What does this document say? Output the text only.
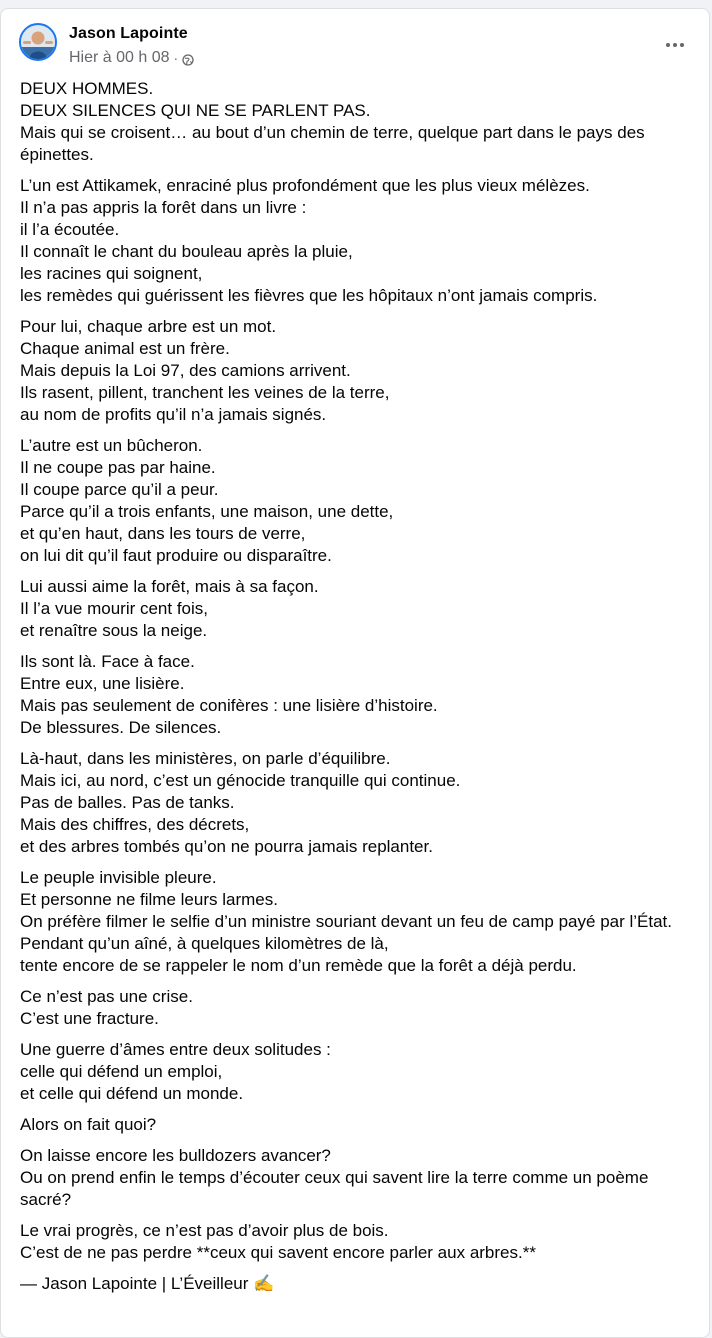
Jason Lapointe
Hier à 00 h 08 ·

DEUX HOMMES.
DEUX SILENCES QUI NE SE PARLENT PAS.
Mais qui se croisent… au bout d’un chemin de terre, quelque part dans le pays des épinettes.

L’un est Attikamek, enraciné plus profondément que les plus vieux mélèzes.
Il n’a pas appris la forêt dans un livre :
il l’a écoutée.
Il connaît le chant du bouleau après la pluie,
les racines qui soignent,
les remèdes qui guérissent les fièvres que les hôpitaux n’ont jamais compris.

Pour lui, chaque arbre est un mot.
Chaque animal est un frère.
Mais depuis la Loi 97, des camions arrivent.
Ils rasent, pillent, tranchent les veines de la terre,
au nom de profits qu’il n’a jamais signés.

L’autre est un bûcheron.
Il ne coupe pas par haine.
Il coupe parce qu’il a peur.
Parce qu’il a trois enfants, une maison, une dette,
et qu’en haut, dans les tours de verre,
on lui dit qu’il faut produire ou disparaître.

Lui aussi aime la forêt, mais à sa façon.
Il l’a vue mourir cent fois,
et renaître sous la neige.

Ils sont là. Face à face.
Entre eux, une lisière.
Mais pas seulement de conifères : une lisière d’histoire.
De blessures. De silences.

Là-haut, dans les ministères, on parle d’équilibre.
Mais ici, au nord, c’est un génocide tranquille qui continue.
Pas de balles. Pas de tanks.
Mais des chiffres, des décrets,
et des arbres tombés qu’on ne pourra jamais replanter.

Le peuple invisible pleure.
Et personne ne filme leurs larmes.
On préfère filmer le selfie d’un ministre souriant devant un feu de camp payé par l’État.
Pendant qu’un aîné, à quelques kilomètres de là,
tente encore de se rappeler le nom d’un remède que la forêt a déjà perdu.

Ce n’est pas une crise.
C’est une fracture.

Une guerre d’âmes entre deux solitudes :
celle qui défend un emploi,
et celle qui défend un monde.

Alors on fait quoi?

On laisse encore les bulldozers avancer?
Ou on prend enfin le temps d’écouter ceux qui savent lire la terre comme un poème sacré?

Le vrai progrès, ce n’est pas d’avoir plus de bois.
C’est de ne pas perdre **ceux qui savent encore parler aux arbres.**

— Jason Lapointe | L’Éveilleur ✍️
